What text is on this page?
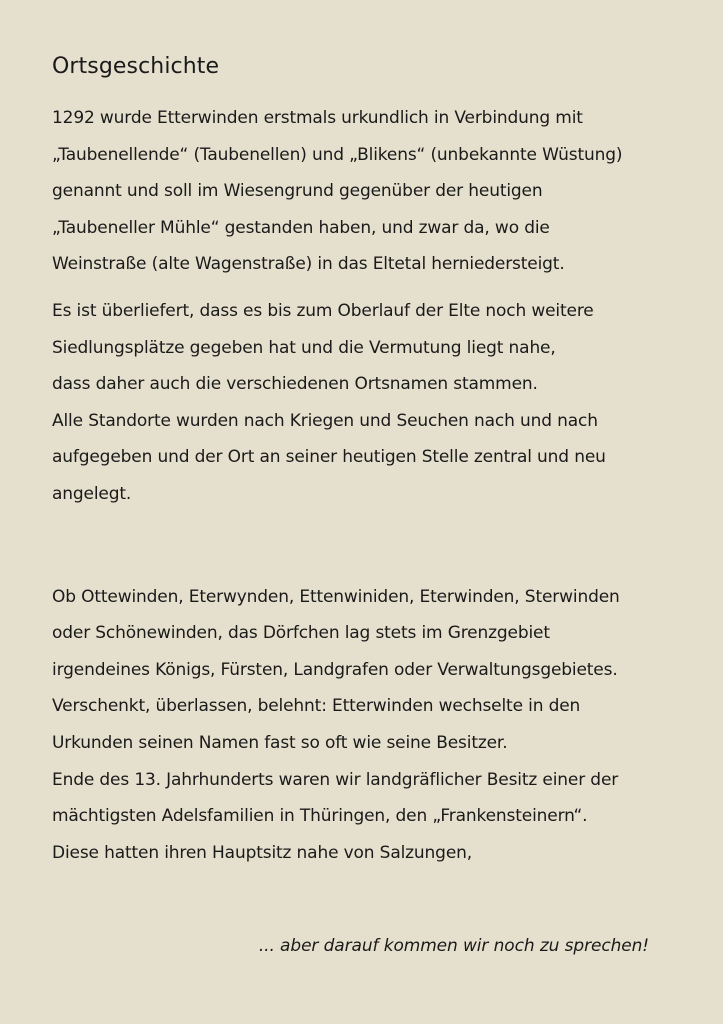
Ortsgeschichte

1292 wurde Etterwinden erstmals urkundlich in Verbindung mit
„Taubenellende“ (Taubenellen) und „Blikens“ (unbekannte Wüstung)
genannt und soll im Wiesengrund gegenüber der heutigen
„Taubeneller Mühle“ gestanden haben, und zwar da, wo die
Weinstraße (alte Wagenstraße) in das Eltetal herniedersteigt.

Es ist überliefert, dass es bis zum Oberlauf der Elte noch weitere
Siedlungsplätze gegeben hat und die Vermutung liegt nahe,
dass daher auch die verschiedenen Ortsnamen stammen.
Alle Standorte wurden nach Kriegen und Seuchen nach und nach
aufgegeben und der Ort an seiner heutigen Stelle zentral und neu
angelegt.

Ob Ottewinden, Eterwynden, Ettenwiniden, Eterwinden, Sterwinden
oder Schönewinden, das Dörfchen lag stets im Grenzgebiet
irgendeines Königs, Fürsten, Landgrafen oder Verwaltungsgebietes.
Verschenkt, überlassen, belehnt: Etterwinden wechselte in den
Urkunden seinen Namen fast so oft wie seine Besitzer.
Ende des 13. Jahrhunderts waren wir landgräflicher Besitz einer der
mächtigsten Adelsfamilien in Thüringen, den „Frankensteinern“.
Diese hatten ihren Hauptsitz nahe von Salzungen,

... aber darauf kommen wir noch zu sprechen!
